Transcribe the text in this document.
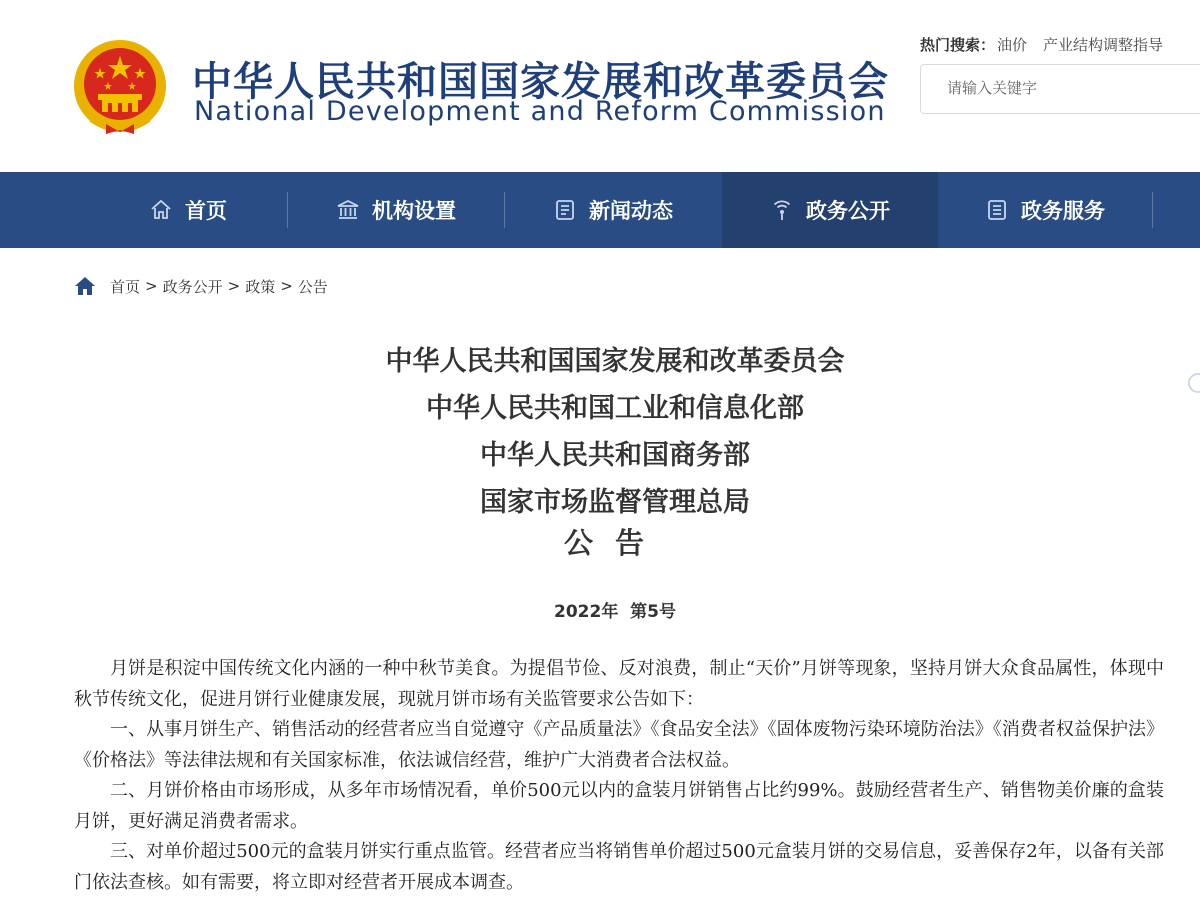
中华人民共和国国家发展和改革委员会
National Development and Reform Commission
热门搜索： 油价 产业结构调整指导
请输入关键字
首页	机构设置	新闻动态	政务公开	政务服务
首页 > 政务公开 > 政策 > 公告
中华人民共和国国家发展和改革委员会
中华人民共和国工业和信息化部
中华人民共和国商务部
国家市场监督管理总局
公告
2022年  第5号

月饼是积淀中国传统文化内涵的一种中秋节美食。为提倡节俭、反对浪费，制止“天价”月饼等现象，坚持月饼大众食品属性，体现中秋节传统文化，促进月饼行业健康发展，现就月饼市场有关监管要求公告如下：

一、从事月饼生产、销售活动的经营者应当自觉遵守《产品质量法》《食品安全法》《固体废物污染环境防治法》《消费者权益保护法》《价格法》等法律法规和有关国家标准，依法诚信经营，维护广大消费者合法权益。

二、月饼价格由市场形成，从多年市场情况看，单价500元以内的盒装月饼销售占比约99%。鼓励经营者生产、销售物美价廉的盒装月饼，更好满足消费者需求。

三、对单价超过500元的盒装月饼实行重点监管。经营者应当将销售单价超过500元盒装月饼的交易信息，妥善保存2年，以备有关部门依法查核。如有需要，将立即对经营者开展成本调查。
